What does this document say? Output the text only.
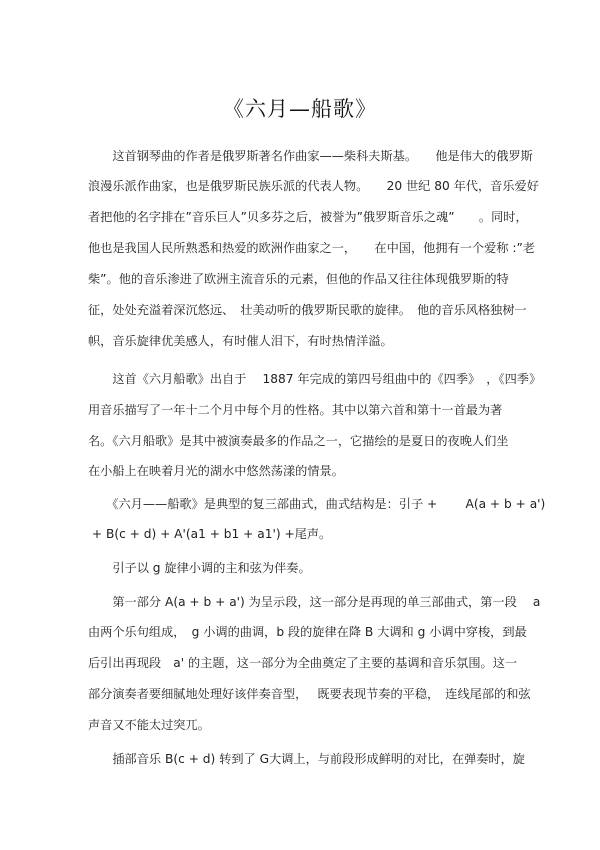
《六月—船歌》
　　这首钢琴曲的作者是俄罗斯著名作曲家——柴科夫斯基。　　他是伟大的俄罗斯
浪漫乐派作曲家，也是俄罗斯民族乐派的代表人物。　　20 世纪 80 年代，音乐爱好
者把他的名字排在”音乐巨人”贝多芬之后，被誉为”俄罗斯音乐之魂”　　。同时，
他也是我国人民所熟悉和热爱的欧洲作曲家之一，　　在中国，他拥有一个爱称 :”老
柴”。他的音乐渗进了欧洲主流音乐的元素，但他的作品又往往体现俄罗斯的特
征，处处充溢着深沉悠远、　壮美动听的俄罗斯民歌的旋律。　他的音乐风格独树一
帜，音乐旋律优美感人，有时催人泪下，有时热情洋溢。
　　这首《六月船歌》出自于　 1887 年完成的第四号组曲中的《四季》　，《四季》
用音乐描写了一年十二个月中每个月的性格。其中以第六首和第十一首最为著
名。《六月船歌》是其中被演奏最多的作品之一，它描绘的是夏日的夜晚人们坐
在小船上在映着月光的湖水中悠然荡漾的情景。
　　《六月——船歌》是典型的复三部曲式，曲式结构是：引子 +　　 A(a + b + a')
+ B(c + d) + A'(a1 + b1 + a1') +尾声。
　　引子以 g 旋律小调的主和弦为伴奏。
　　第一部分 A(a + b + a') 为呈示段，这一部分是再现的单三部曲式，第一段　 a
由两个乐句组成，　g 小调的曲调，b 段的旋律在降 B 大调和 g 小调中穿梭，到最
后引出再现段　a' 的主题，这一部分为全曲奠定了主要的基调和音乐氛围。这一
部分演奏者要细腻地处理好该伴奏音型，　 既要表现节奏的平稳，　连线尾部的和弦
声音又不能太过突兀。
　　插部音乐 B(c + d) 转到了 G大调上，与前段形成鲜明的对比，在弹奏时，旋
